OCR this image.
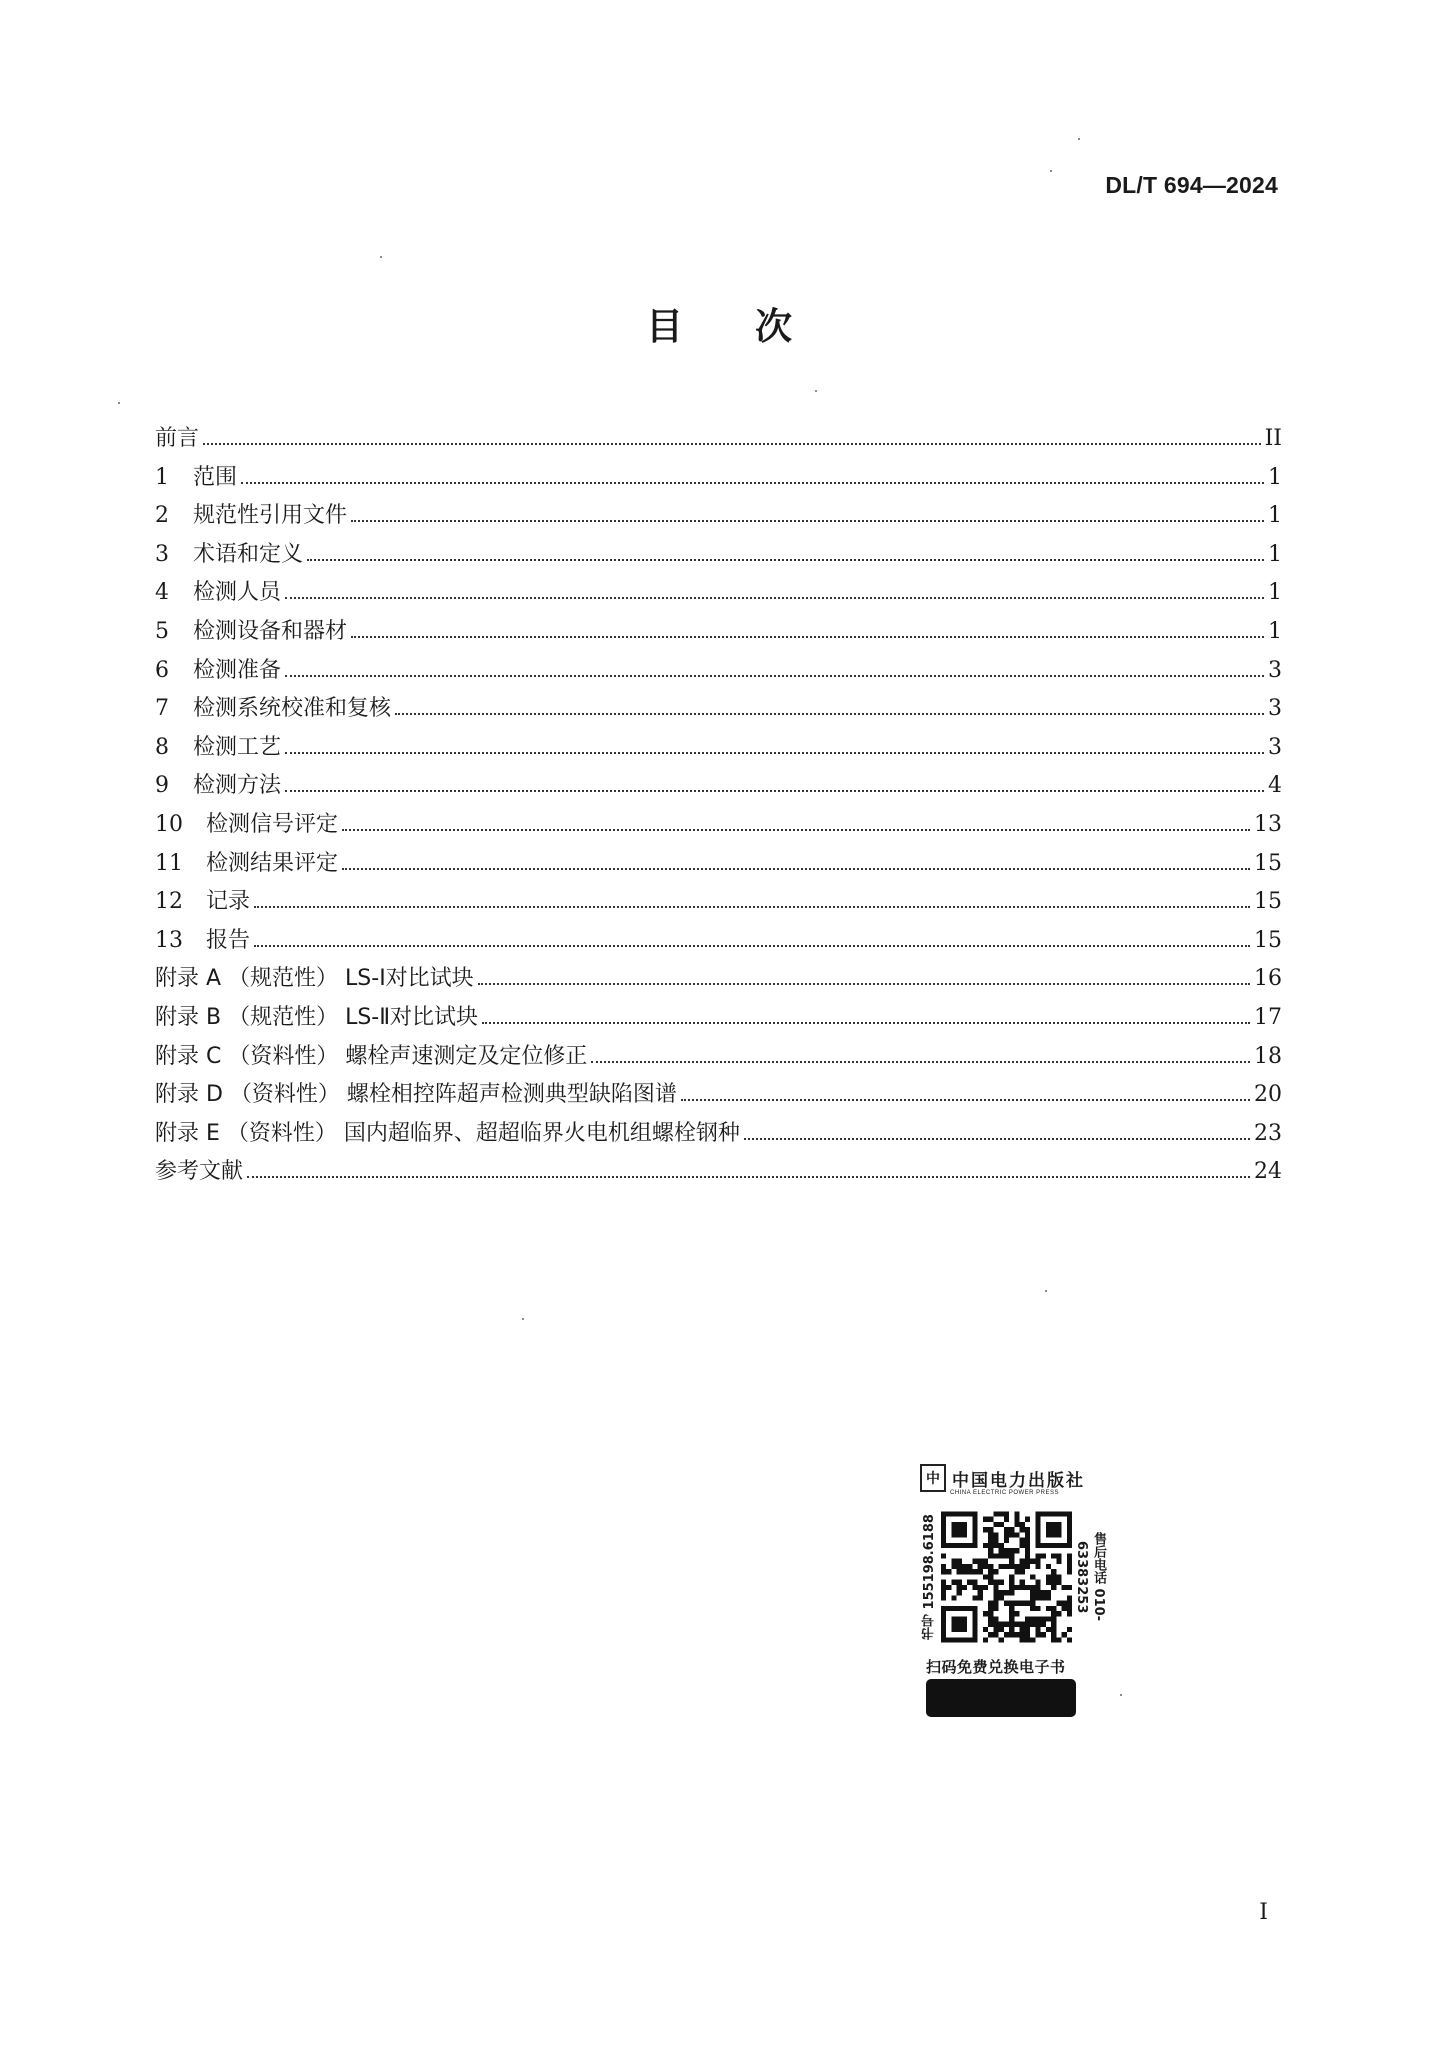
DL/T 694—2024
目 次
前言	II
1	范围	1
2	规范性引用文件	1
3	术语和定义	1
4	检测人员	1
5	检测设备和器材	1
6	检测准备	3
7	检测系统校准和复核	3
8	检测工艺	3
9	检测方法	4
10	检测信号评定	13
11	检测结果评定	15
12	记录	15
13	报告	15
附录 A （规范性） LS-Ⅰ对比试块	16
附录 B （规范性） LS-Ⅱ对比试块	17
附录 C （资料性） 螺栓声速测定及定位修正	18
附录 D （资料性） 螺栓相控阵超声检测典型缺陷图谱	20
附录 E （资料性） 国内超临界、超超临界火电机组螺栓钢种	23
参考文献	24
中 中国电力出版社
CHINA ELECTRIC POWER PRESS
书号 155198.6188	售后电话 010-63383253
扫码免费兑换电子书
I
